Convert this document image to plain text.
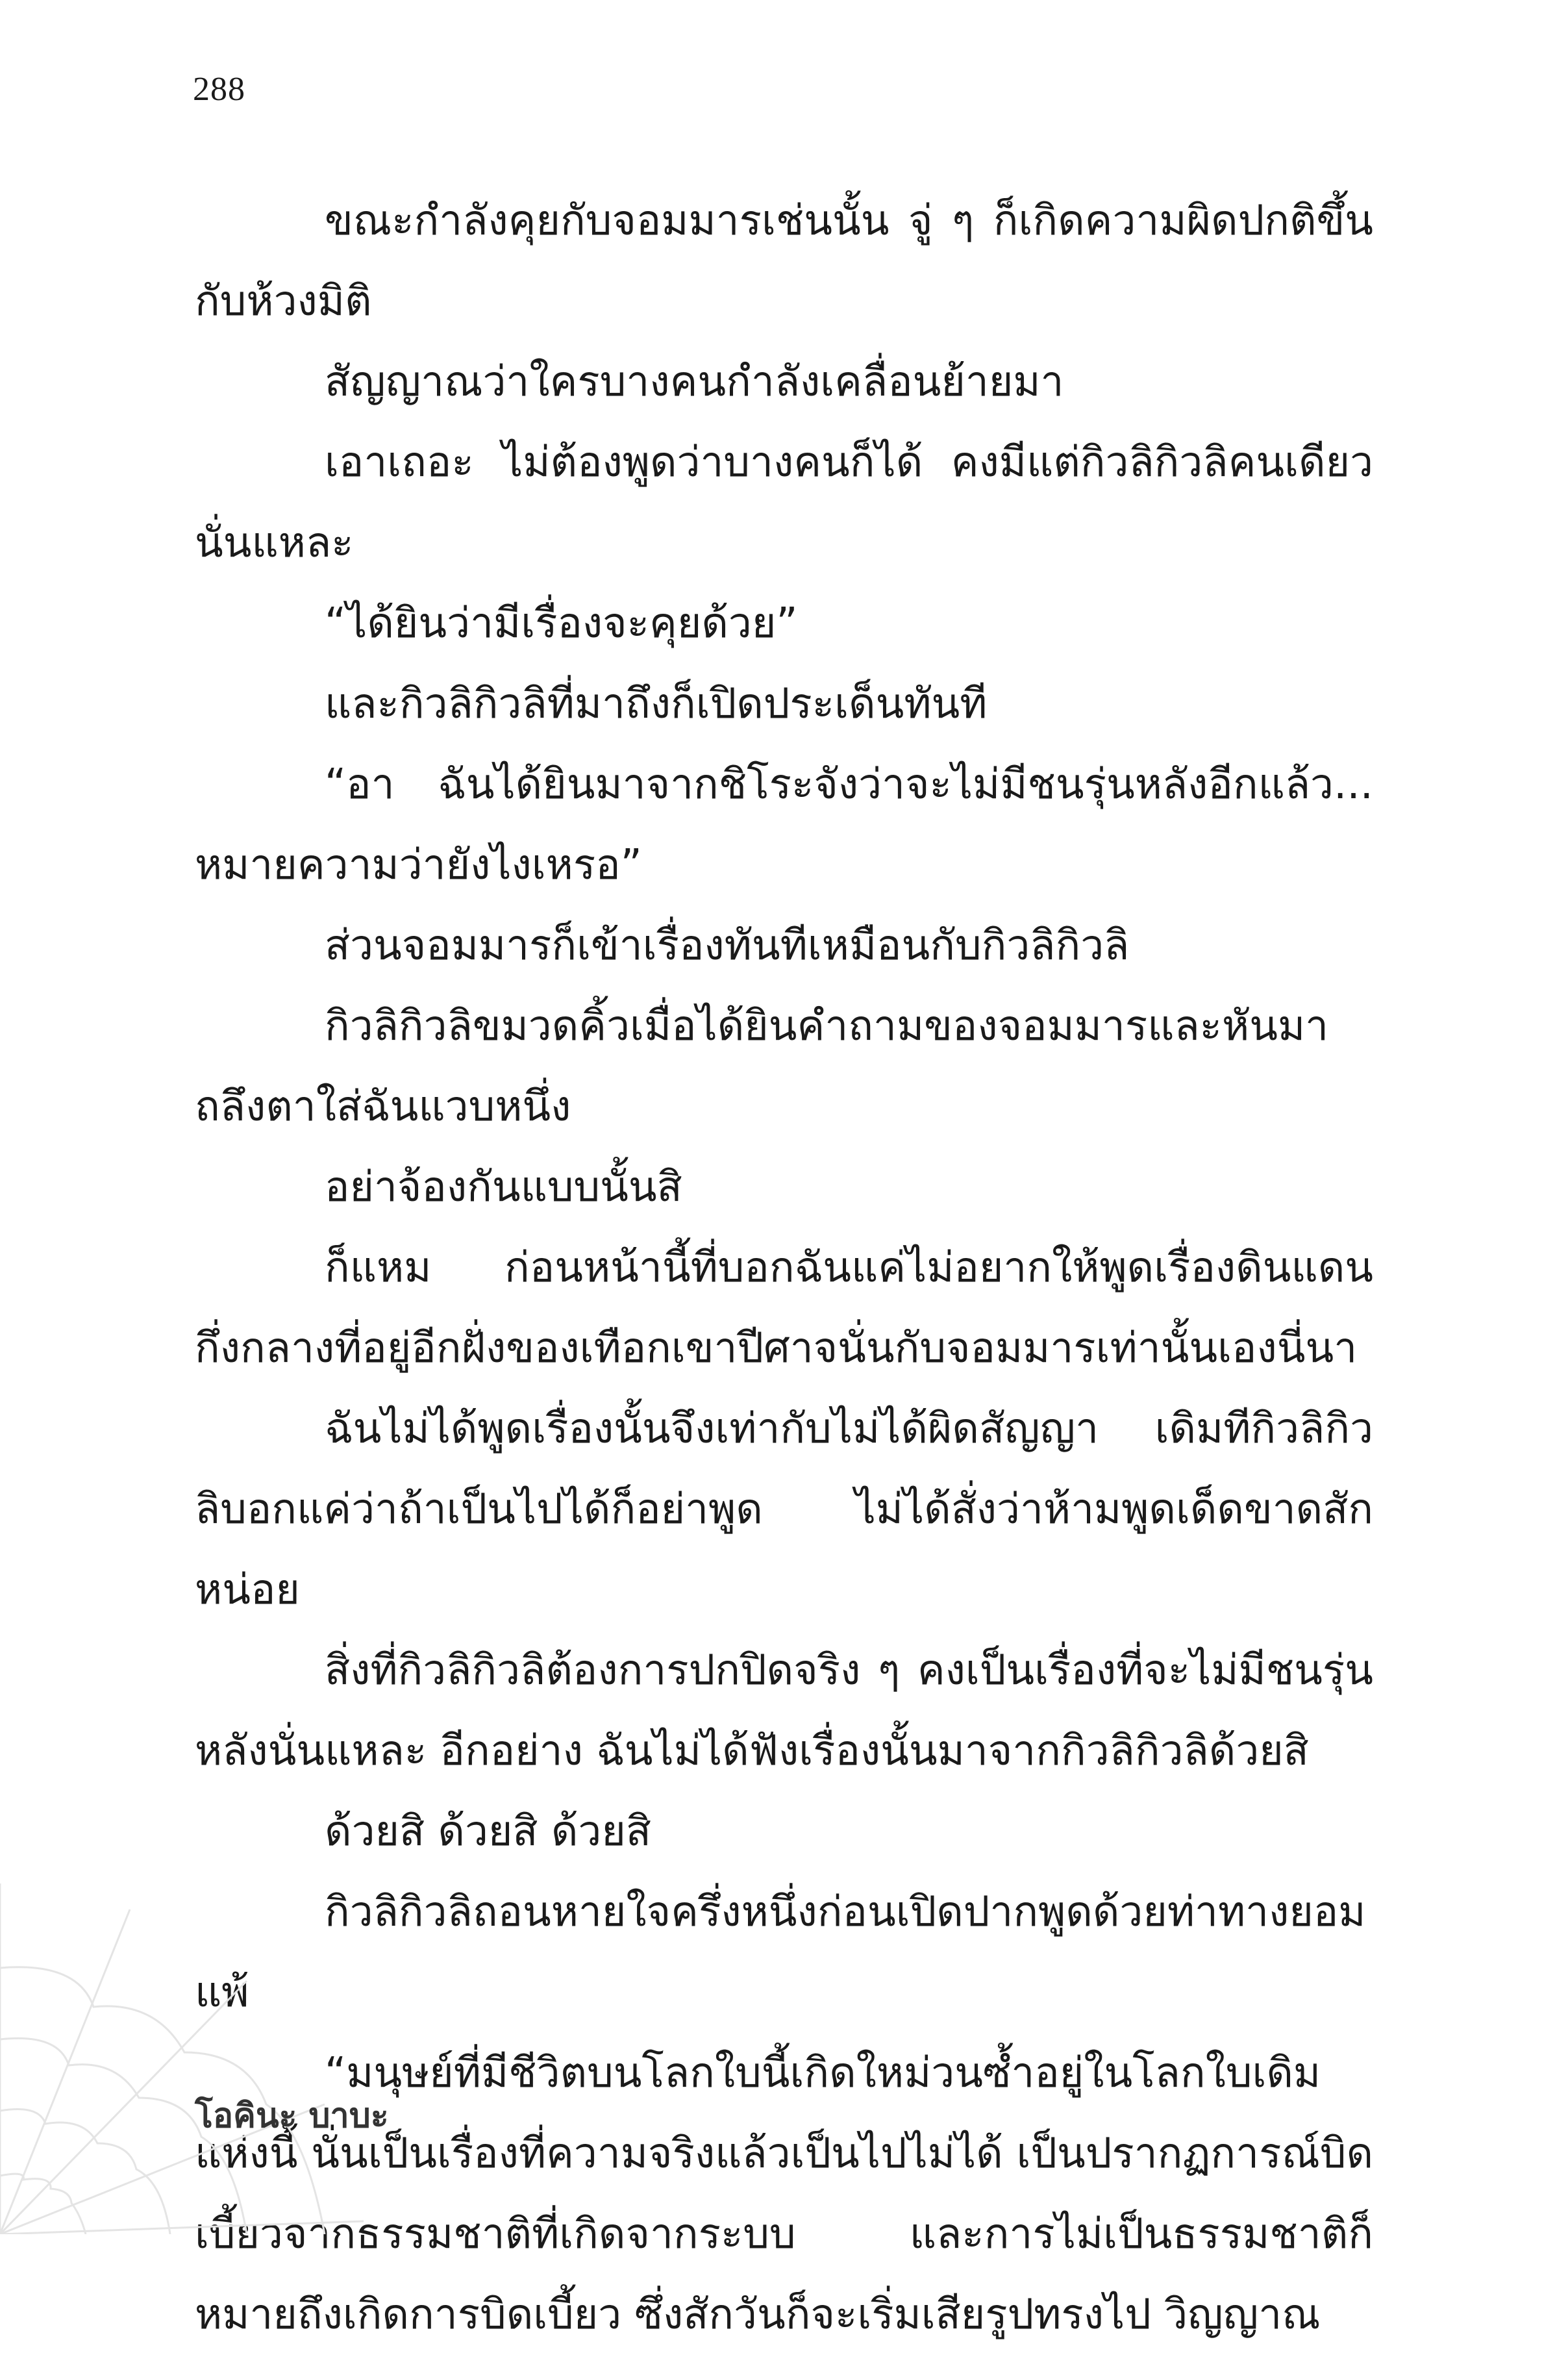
288

ขณะกำลังคุยกับจอมมารเช่นนั้น จู่ ๆ ก็เกิดความผิดปกติขึ้นกับห้วงมิติ

สัญญาณว่าใครบางคนกำลังเคลื่อนย้ายมา

เอาเถอะ ไม่ต้องพูดว่าบางคนก็ได้ คงมีแต่กิวลิกิวลิคนเดียวนั่นแหละ

“ได้ยินว่ามีเรื่องจะคุยด้วย”

และกิวลิกิวลิที่มาถึงก็เปิดประเด็นทันที

“อา ฉันได้ยินมาจากชิโระจังว่าจะไม่มีชนรุ่นหลังอีกแล้ว... หมายความว่ายังไงเหรอ”

ส่วนจอมมารก็เข้าเรื่องทันทีเหมือนกับกิวลิกิวลิ

กิวลิกิวลิขมวดคิ้วเมื่อได้ยินคำถามของจอมมารและหันมาถลึงตาใส่ฉันแวบหนึ่ง

อย่าจ้องกันแบบนั้นสิ

ก็แหม ก่อนหน้านี้ที่บอกฉันแค่ไม่อยากให้พูดเรื่องดินแดนกึ่งกลางที่อยู่อีกฝั่งของเทือกเขาปีศาจนั่นกับจอมมารเท่านั้นเองนี่นา

ฉันไม่ได้พูดเรื่องนั้นจึงเท่ากับไม่ได้ผิดสัญญา เดิมทีกิวลิกิวลิบอกแค่ว่าถ้าเป็นไปได้ก็อย่าพูด ไม่ได้สั่งว่าห้ามพูดเด็ดขาดสักหน่อย

สิ่งที่กิวลิกิวลิต้องการปกปิดจริง ๆ คงเป็นเรื่องที่จะไม่มีชนรุ่นหลังนั่นแหละ อีกอย่าง ฉันไม่ได้ฟังเรื่องนั้นมาจากกิวลิกิวลิด้วยสิ

ด้วยสิ ด้วยสิ ด้วยสิ

กิวลิกิวลิถอนหายใจครึ่งหนึ่งก่อนเปิดปากพูดด้วยท่าทางยอมแพ้

“มนุษย์ที่มีชีวิตบนโลกใบนี้เกิดใหม่วนซ้ำอยู่ในโลกใบเดิมแห่งนี้ นั่นเป็นเรื่องที่ความจริงแล้วเป็นไปไม่ได้ เป็นปรากฏการณ์บิดเบี้ยวจากธรรมชาติที่เกิดจากระบบ และการไม่เป็นธรรมชาติก็หมายถึงเกิดการบิดเบี้ยว ซึ่งสักวันก็จะเริ่มเสียรูปทรงไป วิญญาณ

โอคินะ บาบะ
